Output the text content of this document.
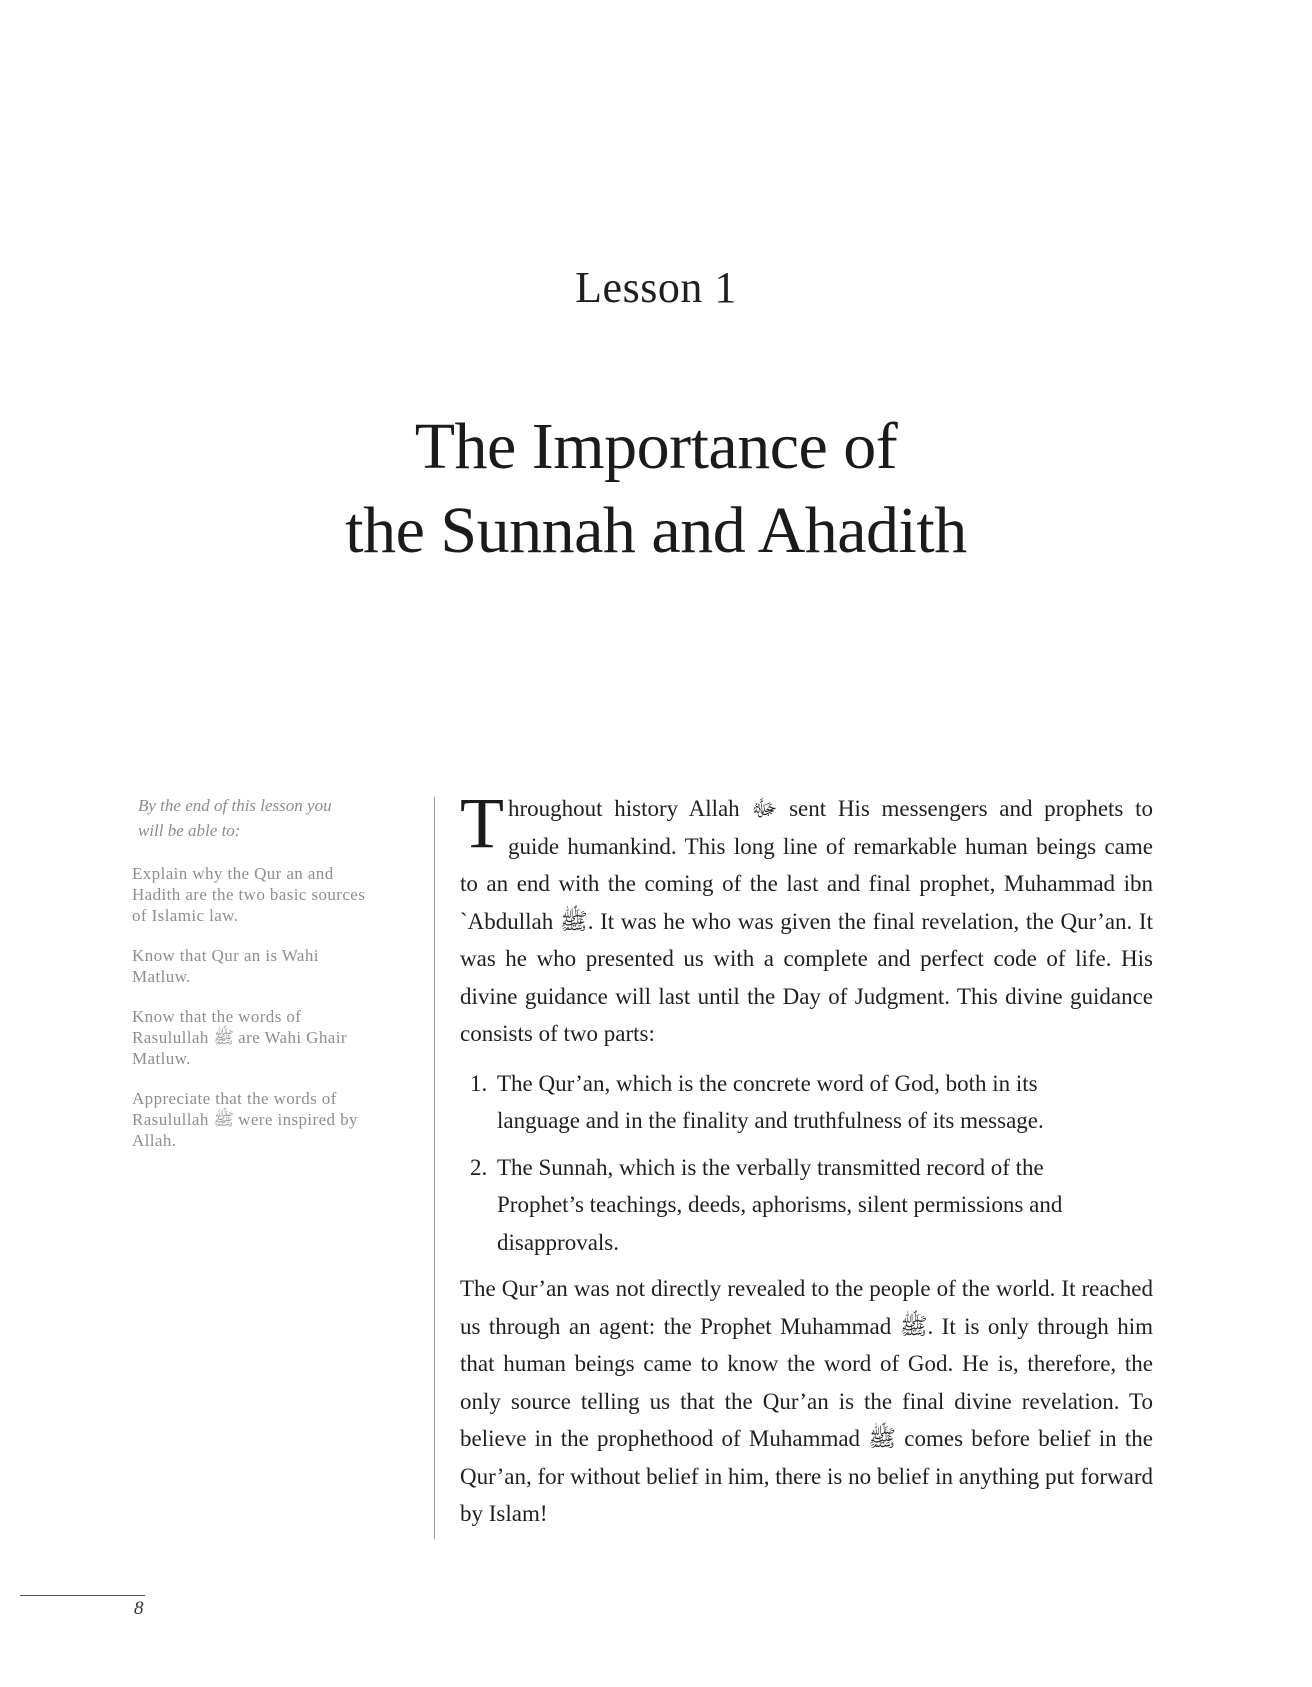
Lesson 1
The Importance of
the Sunnah and Ahadith
By the end of this lesson you
will be able to:
Explain why the Qur an and Hadith are the two basic sources of Islamic law.
Know that Qur an is Wahi Matluw.
Know that the words of Rasulullah ﷺ are Wahi Ghair Matluw.
Appreciate that the words of Rasulullah ﷺ were inspired by Allah.

Throughout history Allah ﷻ sent His messengers and prophets to guide humankind. This long line of remarkable human beings came to an end with the coming of the last and final prophet, Muhammad ibn `Abdullah ﷺ. It was he who was given the final revelation, the Qur’an. It was he who presented us with a complete and perfect code of life. His divine guidance will last until the Day of Judgment. This divine guidance consists of two parts:

1. The Qur’an, which is the concrete word of God, both in its language and in the finality and truthfulness of its message.
2. The Sunnah, which is the verbally transmitted record of the Prophet’s teachings, deeds, aphorisms, silent permissions and disapprovals.

The Qur’an was not directly revealed to the people of the world. It reached us through an agent: the Prophet Muhammad ﷺ. It is only through him that human beings came to know the word of God. He is, therefore, the only source telling us that the Qur’an is the final divine revelation. To believe in the prophethood of Muhammad ﷺ comes before belief in the Qur’an, for without belief in him, there is no belief in anything put forward by Islam!

8
